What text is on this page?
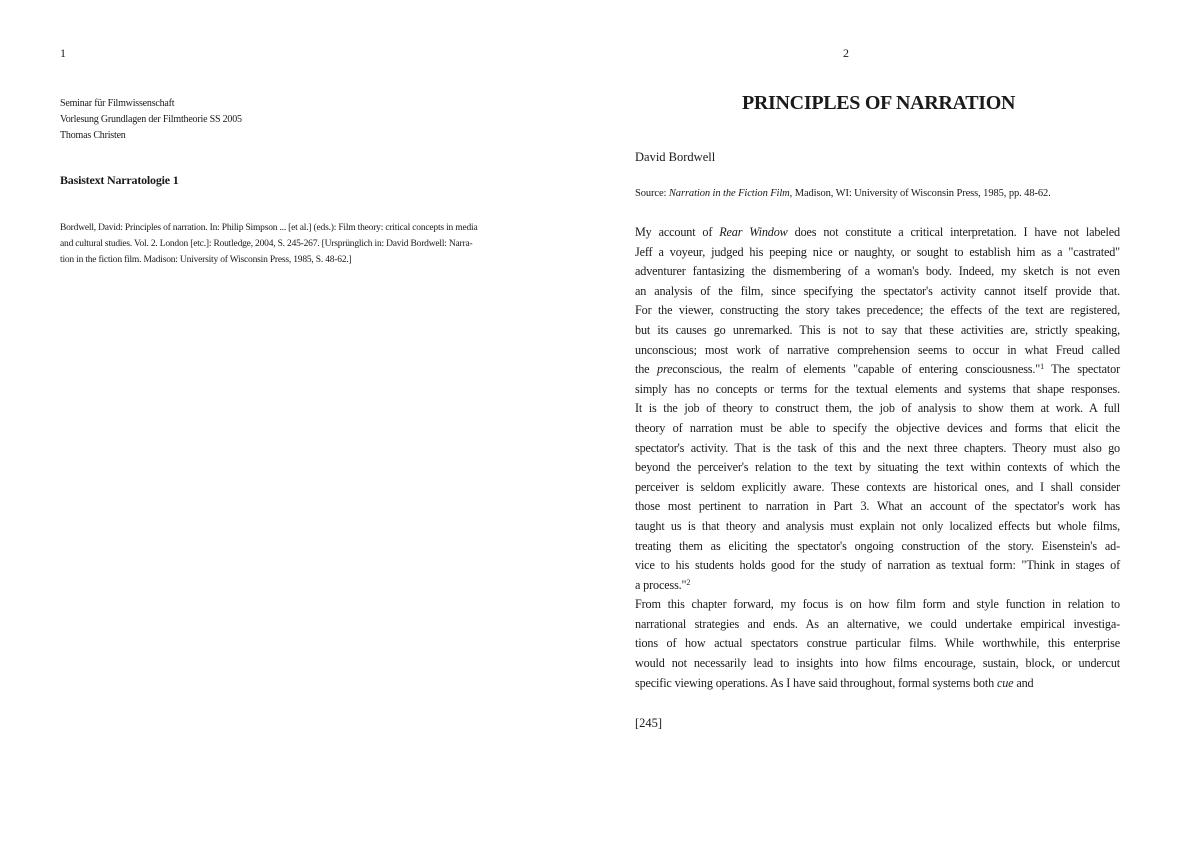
1
Seminar für Filmwissenschaft
Vorlesung Grundlagen der Filmtheorie SS 2005
Thomas Christen
Basistext Narratologie 1
Bordwell, David: Principles of narration. In: Philip Simpson ... [et al.] (eds.): Film theory: critical concepts in media
and cultural studies. Vol. 2. London [etc.]: Routledge, 2004, S. 245-267. [Ursprünglich in: David Bordwell: Narra-
tion in the fiction film. Madison: University of Wisconsin Press, 1985, S. 48-62.]
2
PRINCIPLES OF NARRATION
David Bordwell
Source: Narration in the Fiction Film, Madison, WI: University of Wisconsin Press, 1985, pp. 48-62.
My account of Rear Window does not constitute a critical interpretation. I have not labeled
Jeff a voyeur, judged his peeping nice or naughty, or sought to establish him as a "castrated"
adventurer fantasizing the dismembering of a woman's body. Indeed, my sketch is not even
an analysis of the film, since specifying the spectator's activity cannot itself provide that.
For the viewer, constructing the story takes precedence; the effects of the text are registered,
but its causes go unremarked. This is not to say that these activities are, strictly speaking,
unconscious; most work of narrative comprehension seems to occur in what Freud called
the preconscious, the realm of elements "capable of entering consciousness."$^1$ The spectator
simply has no concepts or terms for the textual elements and systems that shape responses.
It is the job of theory to construct them, the job of analysis to show them at work. A full
theory of narration must be able to specify the objective devices and forms that elicit the
spectator's activity. That is the task of this and the next three chapters. Theory must also go
beyond the perceiver's relation to the text by situating the text within contexts of which the
perceiver is seldom explicitly aware. These contexts are historical ones, and I shall consider
those most pertinent to narration in Part 3. What an account of the spectator's work has
taught us is that theory and analysis must explain not only localized effects but whole films,
treating them as eliciting the spectator's ongoing construction of the story. Eisenstein's ad-
vice to his students holds good for the study of narration as textual form: "Think in stages of
a process."$^2$
From this chapter forward, my focus is on how film form and style function in relation to
narrational strategies and ends. As an alternative, we could undertake empirical investiga-
tions of how actual spectators construe particular films. While worthwhile, this enterprise
would not necessarily lead to insights into how films encourage, sustain, block, or undercut
specific viewing operations. As I have said throughout, formal systems both cue and
[245]
